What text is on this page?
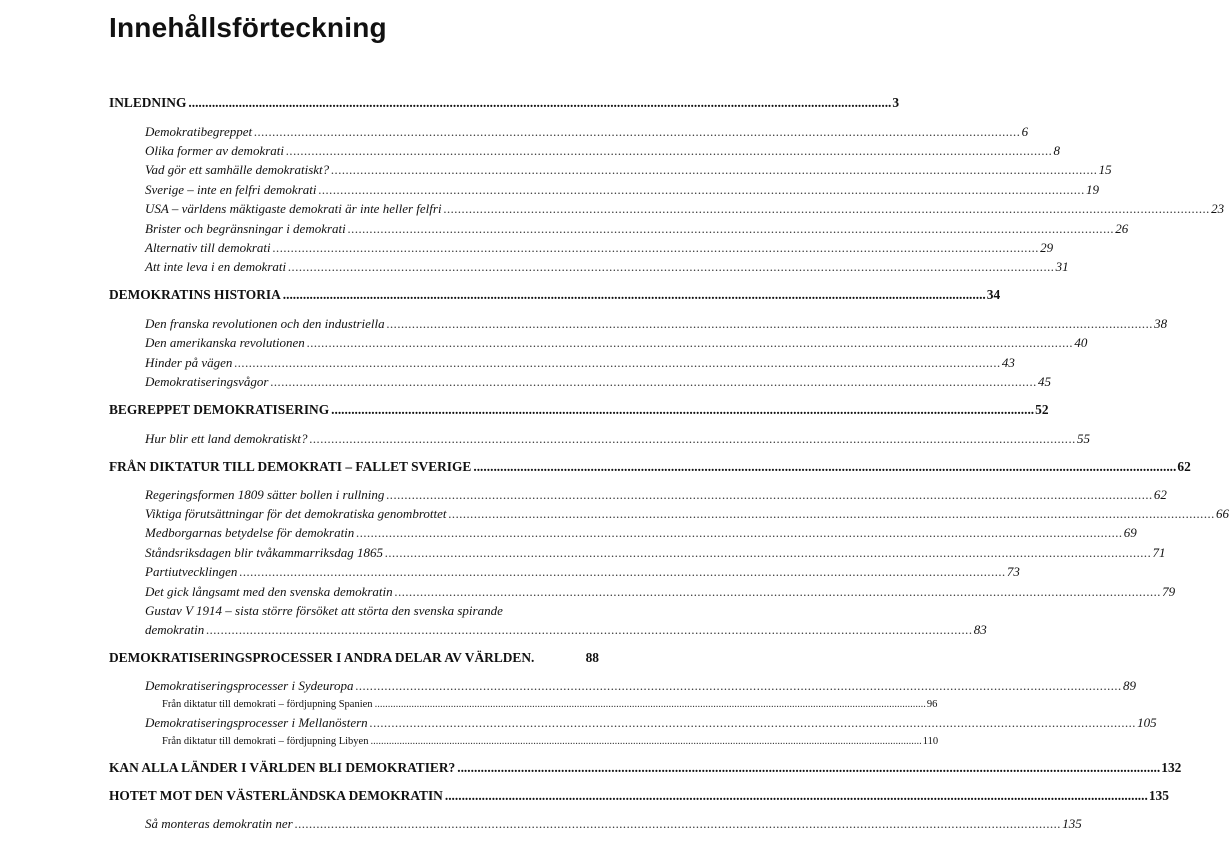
Innehållsförteckning
INLEDNING .................................................................................................................................................................................................................. 3
Demokratibegreppet .................................................................................................................................................................................................................. 6
Olika former av demokrati .................................................................................................................................................................................................................. 8
Vad gör ett samhälle demokratiskt? .................................................................................................................................................................................................................. 15
Sverige – inte en felfri demokrati .................................................................................................................................................................................................................. 19
USA – världens mäktigaste demokrati är inte heller felfri .................................................................................................................................................................................................................. 23
Brister och begränsningar i demokrati .................................................................................................................................................................................................................. 26
Alternativ till demokrati .................................................................................................................................................................................................................. 29
Att inte leva i en demokrati .................................................................................................................................................................................................................. 31
DEMOKRATINS HISTORIA .................................................................................................................................................................................................................. 34
Den franska revolutionen och den industriella .................................................................................................................................................................................................................. 38
Den amerikanska revolutionen .................................................................................................................................................................................................................. 40
Hinder på vägen .................................................................................................................................................................................................................. 43
Demokratiseringsvågor .................................................................................................................................................................................................................. 45
BEGREPPET DEMOKRATISERING .................................................................................................................................................................................................................. 52
Hur blir ett land demokratiskt? .................................................................................................................................................................................................................. 55
FRÅN DIKTATUR TILL DEMOKRATI – FALLET SVERIGE .................................................................................................................................................................................................................. 62
Regeringsformen 1809 sätter bollen i rullning .................................................................................................................................................................................................................. 62
Viktiga förutsättningar för det demokratiska genombrottet .................................................................................................................................................................................................................. 66
Medborgarnas betydelse för demokratin .................................................................................................................................................................................................................. 69
Ståndsriksdagen blir tvåkammarriksdag 1865 .................................................................................................................................................................................................................. 71
Partiutvecklingen .................................................................................................................................................................................................................. 73
Det gick långsamt med den svenska demokratin .................................................................................................................................................................................................................. 79
Gustav V 1914 – sista större försöket att störta den svenska spirande
demokratin .................................................................................................................................................................................................................. 83
DEMOKRATISERINGSPROCESSER I ANDRA DELAR AV VÄRLDEN.	88
Demokratiseringsprocesser i Sydeuropa .................................................................................................................................................................................................................. 89
Från diktatur till demokrati – fördjupning Spanien .................................................................................................................................................................................................................. 96
Demokratiseringsprocesser i Mellanöstern .................................................................................................................................................................................................................. 105
Från diktatur till demokrati – fördjupning Libyen .................................................................................................................................................................................................................. 110
KAN ALLA LÄNDER I VÄRLDEN BLI DEMOKRATIER? .................................................................................................................................................................................................................. 132
HOTET MOT DEN VÄSTERLÄNDSKA DEMOKRATIN .................................................................................................................................................................................................................. 135
Så monteras demokratin ner .................................................................................................................................................................................................................. 135
